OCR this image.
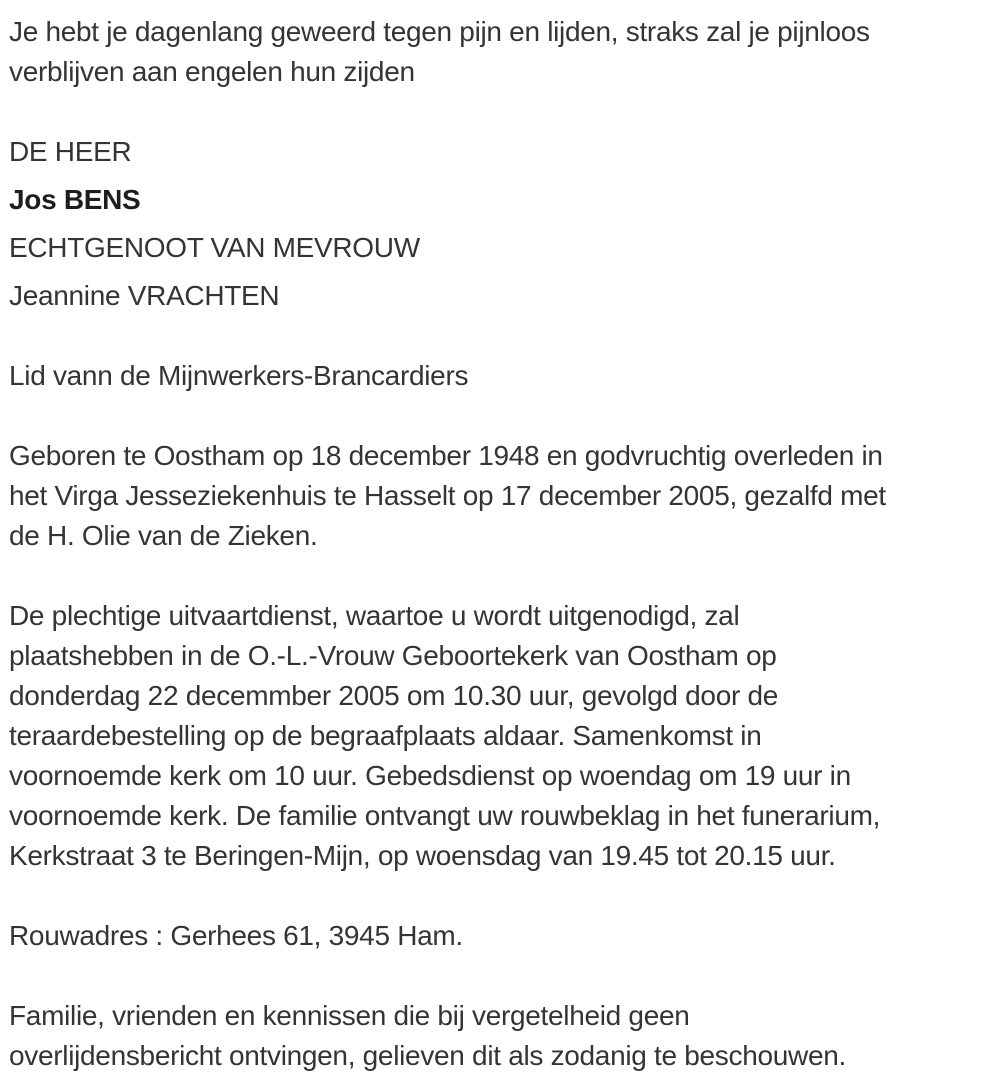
Je hebt je dagenlang geweerd tegen pijn en lijden, straks zal je pijnloos
verblijven aan engelen hun zijden

DE HEER

Jos BENS

ECHTGENOOT VAN MEVROUW

Jeannine VRACHTEN

Lid vann de Mijnwerkers-Brancardiers

Geboren te Oostham op 18 december 1948 en godvruchtig overleden in
het Virga Jesseziekenhuis te Hasselt op 17 december 2005, gezalfd met
de H. Olie van de Zieken.

De plechtige uitvaartdienst, waartoe u wordt uitgenodigd, zal
plaatshebben in de O.-L.-Vrouw Geboortekerk van Oostham op
donderdag 22 decemmber 2005 om 10.30 uur, gevolgd door de
teraardebestelling op de begraafplaats aldaar. Samenkomst in
voornoemde kerk om 10 uur. Gebedsdienst op woendag om 19 uur in
voornoemde kerk. De familie ontvangt uw rouwbeklag in het funerarium,
Kerkstraat 3 te Beringen-Mijn, op woensdag van 19.45 tot 20.15 uur.

Rouwadres : Gerhees 61, 3945 Ham.

Familie, vrienden en kennissen die bij vergetelheid geen
overlijdensbericht ontvingen, gelieven dit als zodanig te beschouwen.
